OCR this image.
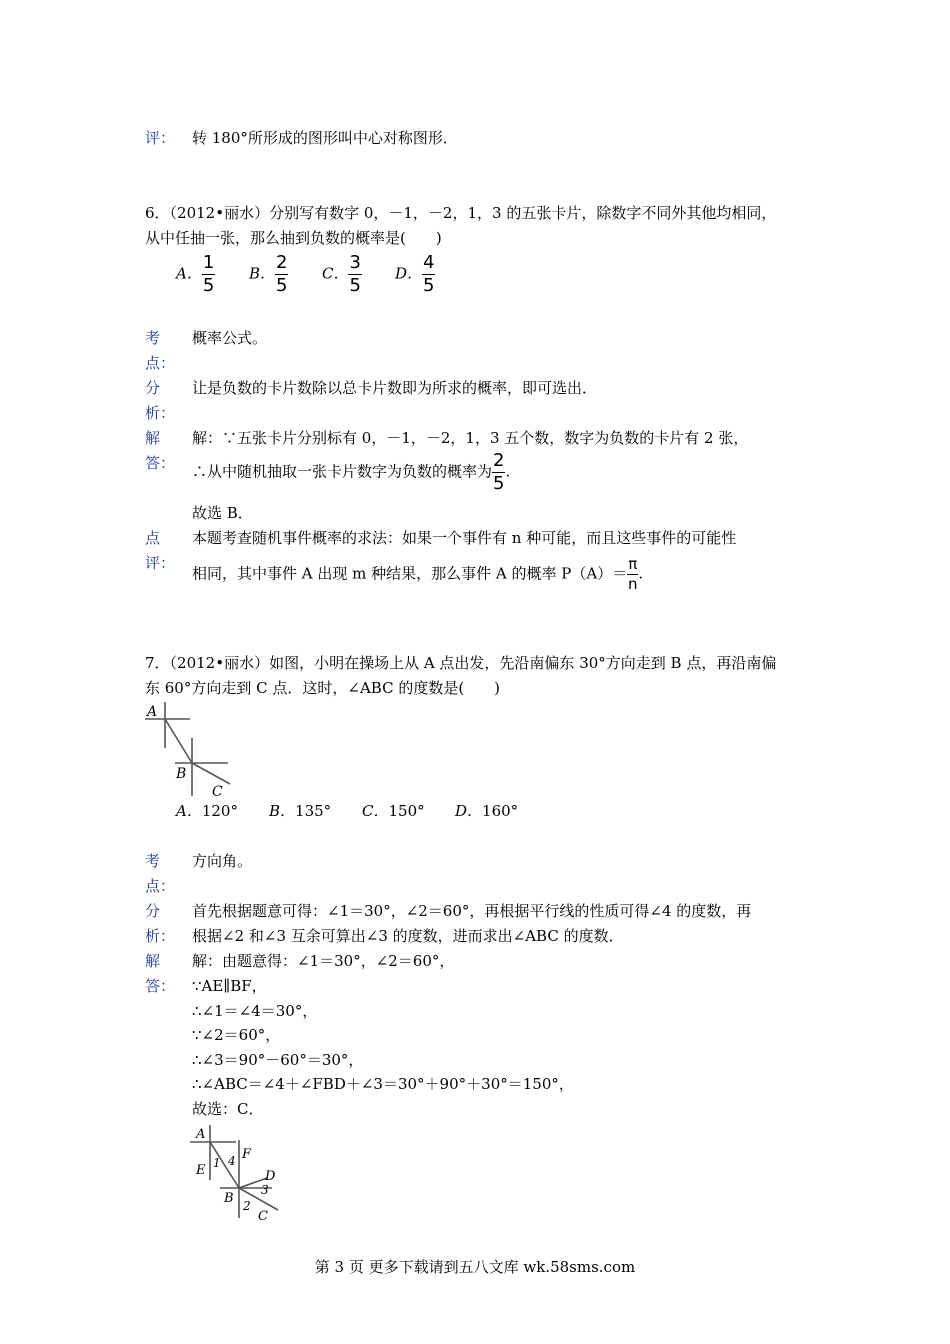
评： 转 180°所形成的图形叫中心对称图形．
6．（2012•丽水）分别写有数字 0，－1，－2，1，3 的五张卡片，除数字不同外其他均相同，
从中任抽一张，那么抽到负数的概率是(　　)
A． $\frac{1}{5}$ B． $\frac{2}{5}$ C． $\frac{3}{5}$ D． $\frac{4}{5}$
考
点：
概率公式。
分
析：
让是负数的卡片数除以总卡片数即为所求的概率，即可选出．
解
答：
解：∵五张卡片分别标有 0，－1，－2，1，3 五个数，数字为负数的卡片有 2 张，
∴从中随机抽取一张卡片数字为负数的概率为 $\frac{2}{5}$ .
故选 B．
点
评：
本题考查随机事件概率的求法：如果一个事件有 n 种可能，而且这些事件的可能性
相同，其中事件 A 出现 m 种结果，那么事件 A 的概率 $P(A)= \frac{\pi}{n}$ .
7．（2012•丽水）如图，小明在操场上从 A 点出发，先沿南偏东 30°方向走到 B 点，再沿南偏
东 60°方向走到 C 点．这时，∠ABC 的度数是(　　)
A
B
C
A．120° B．135° C．150° D．160°
考
点：
方向角。
分
析：
首先根据题意可得：∠1＝30°，∠2＝60°，再根据平行线的性质可得∠4 的度数，再
根据∠2 和∠3 互余可算出∠3 的度数，进而求出∠ABC 的度数．
解
答：
解：由题意得：∠1＝30°，∠2＝60°，
∵AE∥BF，
∴∠1＝∠4＝30°，
∵∠2＝60°，
∴∠3＝90°－60°＝30°，
∴∠ABC＝∠4＋∠FBD＋∠3＝30°＋90°＋30°＝150°，
故选：C．
A
E 1 4 F
D
3
B 2
C
第 3 页 更多下载请到五八文库 wk.58sms.com
